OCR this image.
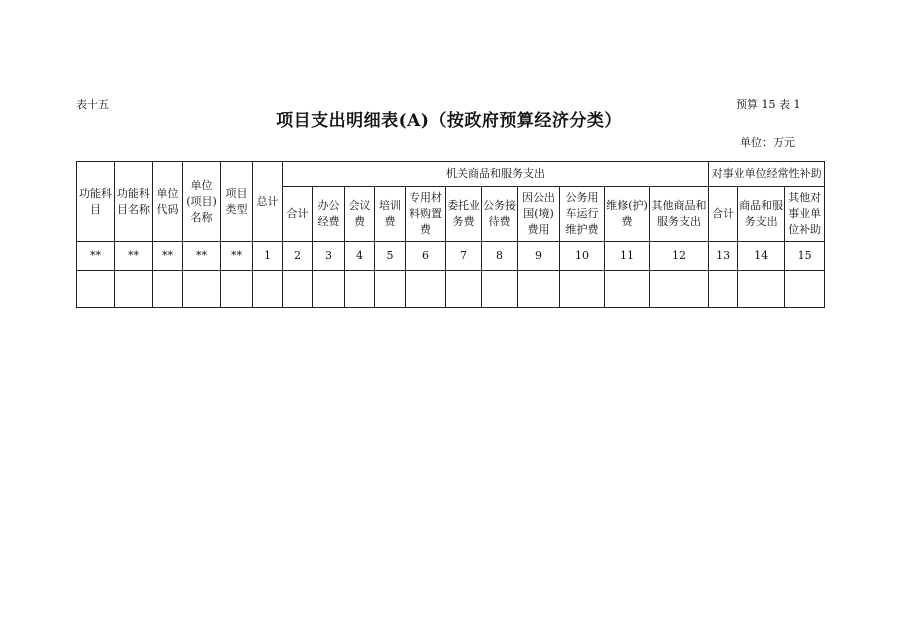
表十五	预算 15 表 1
项目支出明细表(A)（按政府预算经济分类）
单位：万元
功能科目	功能科目名称	单位代码	单位(项目)名称	项目类型	总计	机关商品和服务支出											对事业单位经常性补助		
						合计	办公经费	会议费	培训费	专用材料购置费	委托业务费	公务接待费	因公出国(境)费用	公务用车运行维护费	维修(护)费	其他商品和服务支出	合计	商品和服务支出	其他对事业单位补助
**	**	**	**	**	1	2	3	4	5	6	7	8	9	10	11	12	13	14	15
